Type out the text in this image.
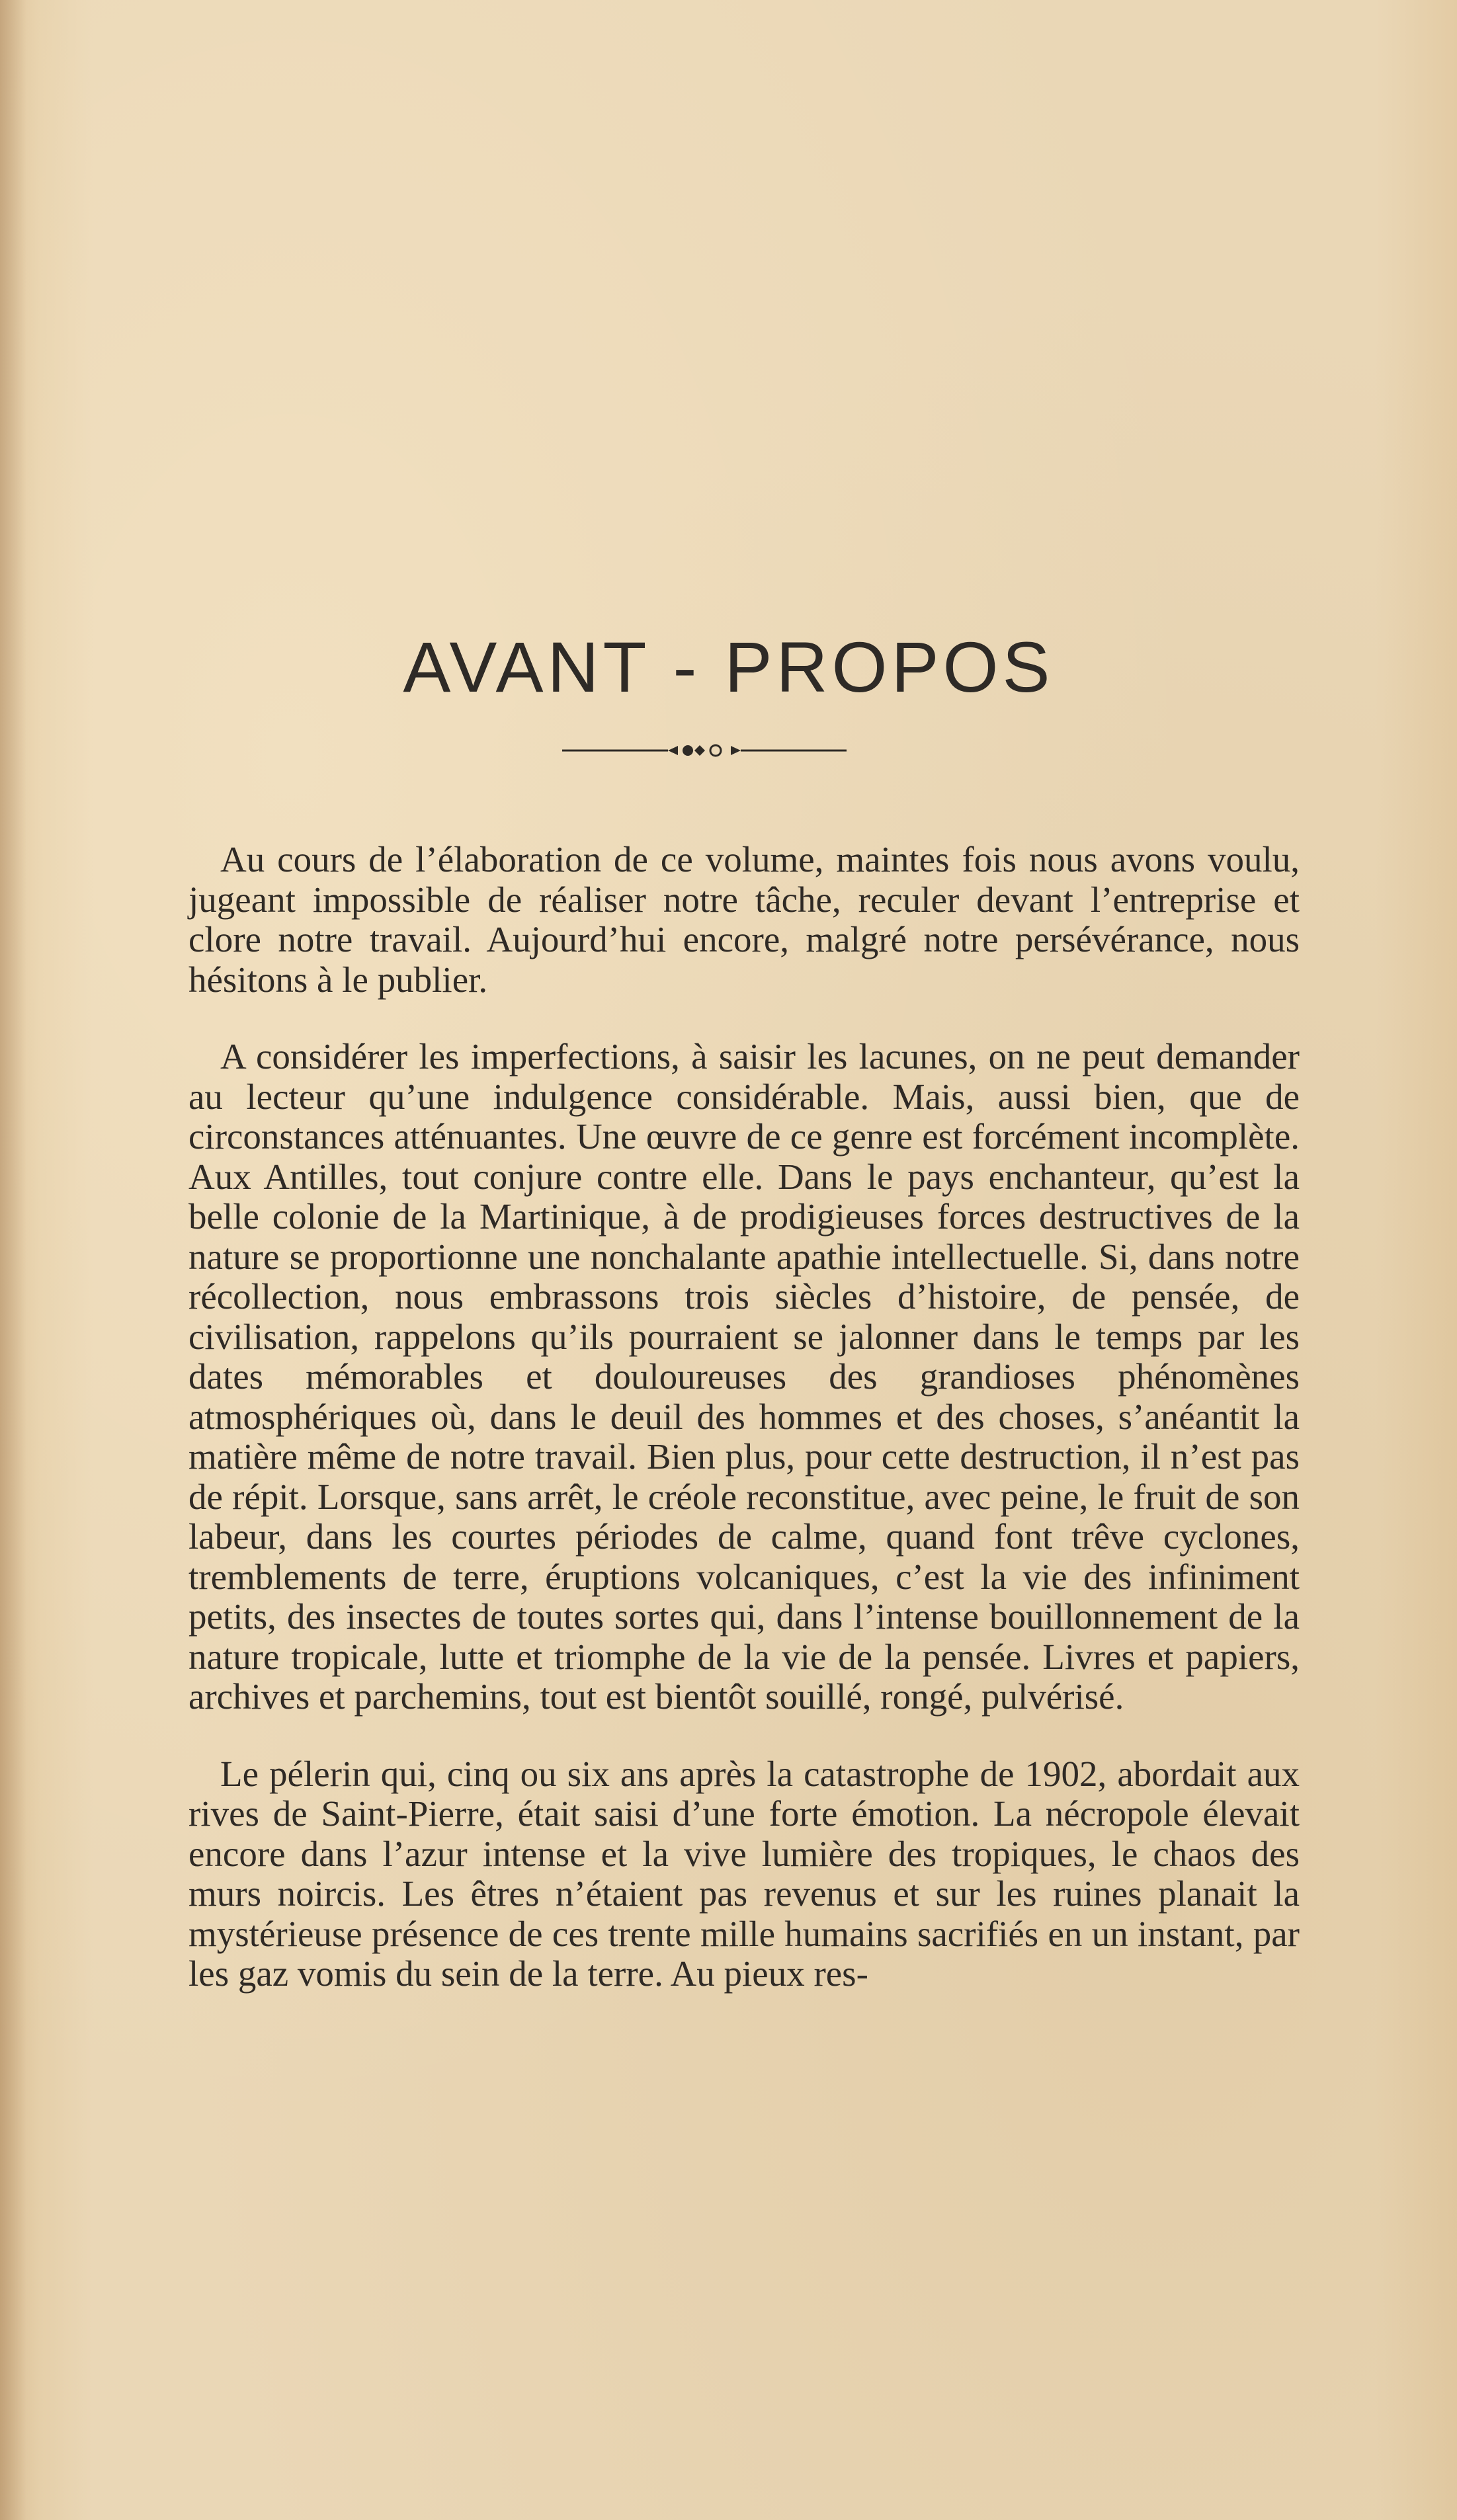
AVANT - PROPOS

Au cours de l’élaboration de ce volume, maintes fois nous avons voulu, jugeant impossible de réaliser notre tâche, reculer devant l’entreprise et clore notre travail. Aujourd’hui encore, malgré notre persévérance, nous hésitons à le publier.

A considérer les imperfections, à saisir les lacunes, on ne peut demander au lecteur qu’une indulgence considérable. Mais, aussi bien, que de circonstances atténuantes. Une œuvre de ce genre est forcément incomplète. Aux Antilles, tout conjure contre elle. Dans le pays enchanteur, qu’est la belle colonie de la Martinique, à de prodigieuses forces destructives de la nature se proportionne une nonchalante apathie intellectuelle. Si, dans notre récollection, nous embrassons trois siècles d’histoire, de pensée, de civilisation, rappelons qu’ils pourraient se jalonner dans le temps par les dates mémorables et douloureuses des grandioses phénomènes atmosphériques où, dans le deuil des hommes et des choses, s’anéantit la matière même de notre travail. Bien plus, pour cette destruction, il n’est pas de répit. Lorsque, sans arrêt, le créole reconstitue, avec peine, le fruit de son labeur, dans les courtes périodes de calme, quand font trêve cyclones, tremblements de terre, éruptions volcaniques, c’est la vie des infiniment petits, des insectes de toutes sortes qui, dans l’intense bouillonnement de la nature tropicale, lutte et triomphe de la vie de la pensée. Livres et papiers, archives et parchemins, tout est bientôt souillé, rongé, pulvérisé.

Le pélerin qui, cinq ou six ans après la catastrophe de 1902, abordait aux rives de Saint-Pierre, était saisi d’une forte émotion. La nécropole élevait encore dans l’azur intense et la vive lumière des tropiques, le chaos des murs noircis. Les êtres n’étaient pas revenus et sur les ruines planait la mystérieuse présence de ces trente mille humains sacrifiés en un instant, par les gaz vomis du sein de la terre. Au pieux res-
